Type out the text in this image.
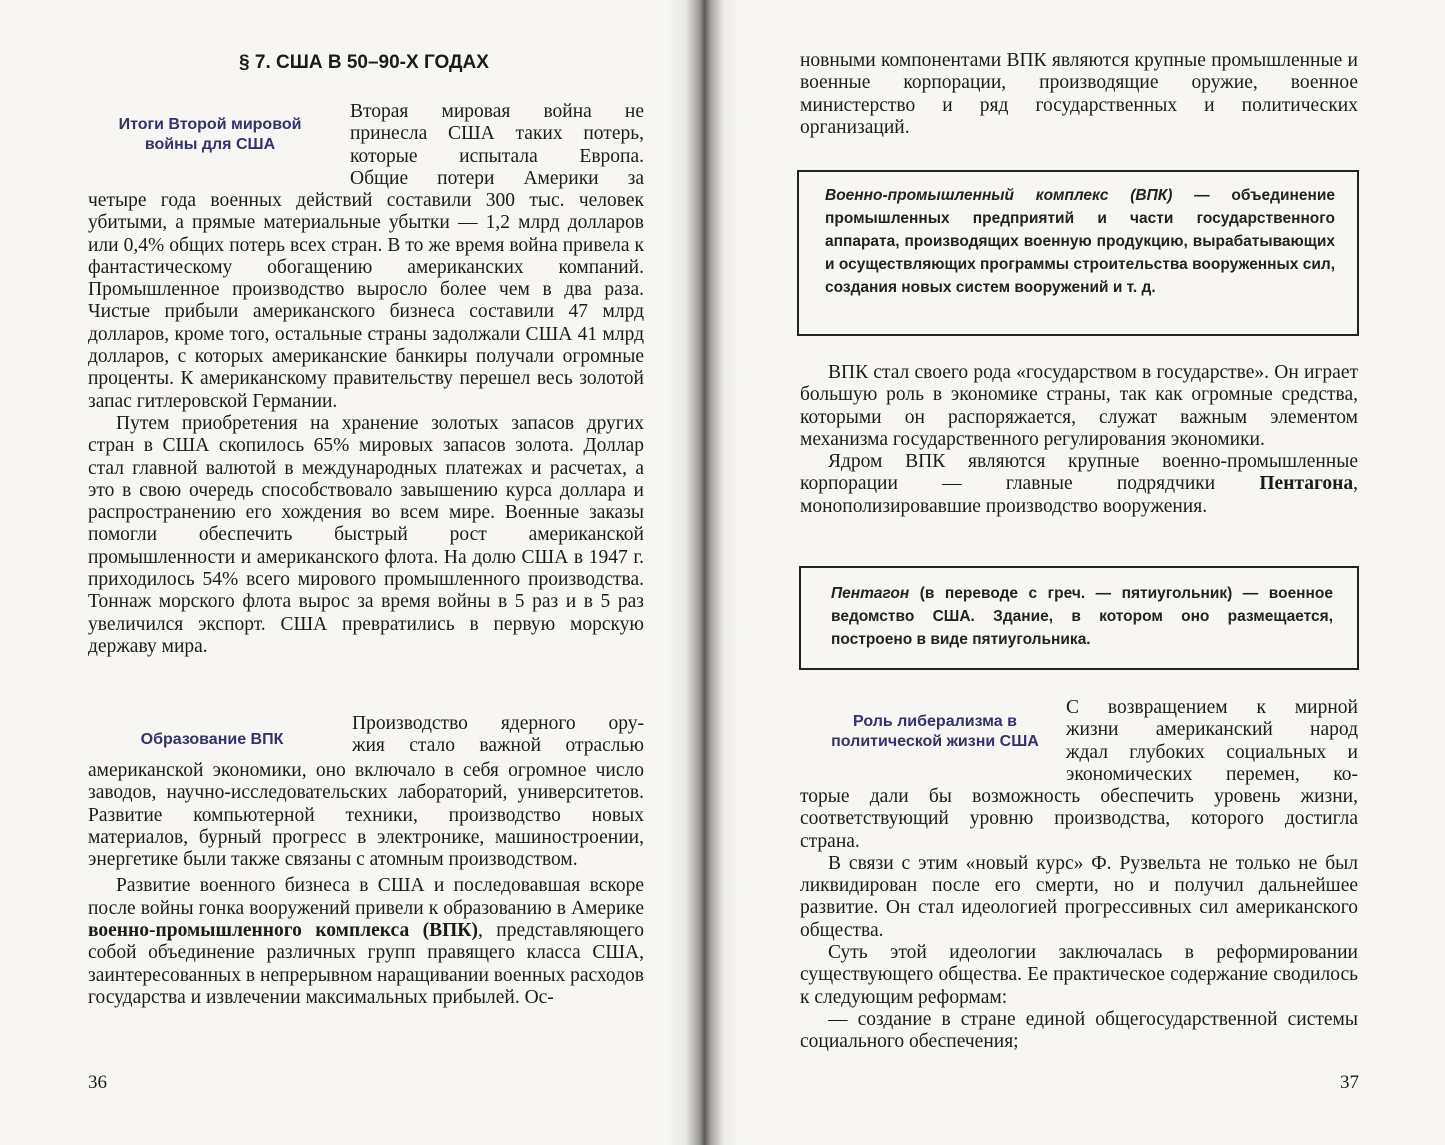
§ 7. США В 50–90-Х ГОДАХ

Итоги Второй мировой войны для США

Вторая мировая война не
принесла США таких потерь,
которые испытала Европа.
Общие потери Америки за

четыре года военных действий составили 300 тыс. человек убитыми, а прямые материальные убытки — 1,2 млрд долларов или 0,4% общих потерь всех стран. В то же время война привела к фантастическому обогащению американских компаний. Промышленное производство выросло более чем в два раза. Чистые прибыли американского бизнеса составили 47 млрд долларов, кроме того, остальные страны задолжали США 41 млрд долларов, с которых американские банкиры получали огромные проценты. К американскому правительству перешел весь золотой запас гитлеровской Германии.

Путем приобретения на хранение золотых запасов других стран в США скопилось 65% мировых запасов золота. Доллар стал главной валютой в международных платежах и расчетах, а это в свою очередь способствовало завышению курса доллара и распространению его хождения во всем мире. Военные заказы помогли обеспечить быстрый рост американской промышленности и американского флота. На долю США в 1947 г. приходилось 54% всего мирового промышленного производства. Тоннаж морского флота вырос за время войны в 5 раз и в 5 раз увеличился экспорт. США превратились в первую морскую державу мира.

Образование ВПК

Производство ядерного ору-
жия стало важной отраслью

американской экономики, оно включало в себя огромное число заводов, научно-исследовательских лабораторий, университетов. Развитие компьютерной техники, производство новых материалов, бурный прогресс в электронике, машиностроении, энергетике были также связаны с атомным производством.

Развитие военного бизнеса в США и последовавшая вскоре после войны гонка вооружений привели к образованию в Америке военно-промышленного комплекса (ВПК), представляющего собой объединение различных групп правящего класса США, заинтересованных в непрерывном наращивании военных расходов государства и извлечении максимальных прибылей. Ос-

36

новными компонентами ВПК являются крупные промышленные и военные корпорации, производящие оружие, военное министерство и ряд государственных и политических организаций.

Военно-промышленный комплекс (ВПК) — объединение промышленных предприятий и части государственного аппарата, производящих военную продукцию, вырабатывающих и осуществляющих программы строительства вооруженных сил, создания новых систем вооружений и т. д.

ВПК стал своего рода «государством в государстве». Он играет большую роль в экономике страны, так как огромные средства, которыми он распоряжается, служат важным элементом механизма государственного регулирования экономики.

Ядром ВПК являются крупные военно-промышленные корпорации — главные подрядчики Пентагона, монополизировавшие производство вооружения.

Пентагон (в переводе с греч. — пятиугольник) — военное ведомство США. Здание, в котором оно размещается, построено в виде пятиугольника.

Роль либерализма в политической жизни США

С возвращением к мирной
жизни американский народ
ждал глубоких социальных и
экономических перемен, ко-

торые дали бы возможность обеспечить уровень жизни, соответствующий уровню производства, которого достигла страна.

В связи с этим «новый курс» Ф. Рузвельта не только не был ликвидирован после его смерти, но и получил дальнейшее развитие. Он стал идеологией прогрессивных сил американского общества.

Суть этой идеологии заключалась в реформировании существующего общества. Ее практическое содержание сводилось к следующим реформам:

— создание в стране единой общегосударственной системы социального обеспечения;

37
